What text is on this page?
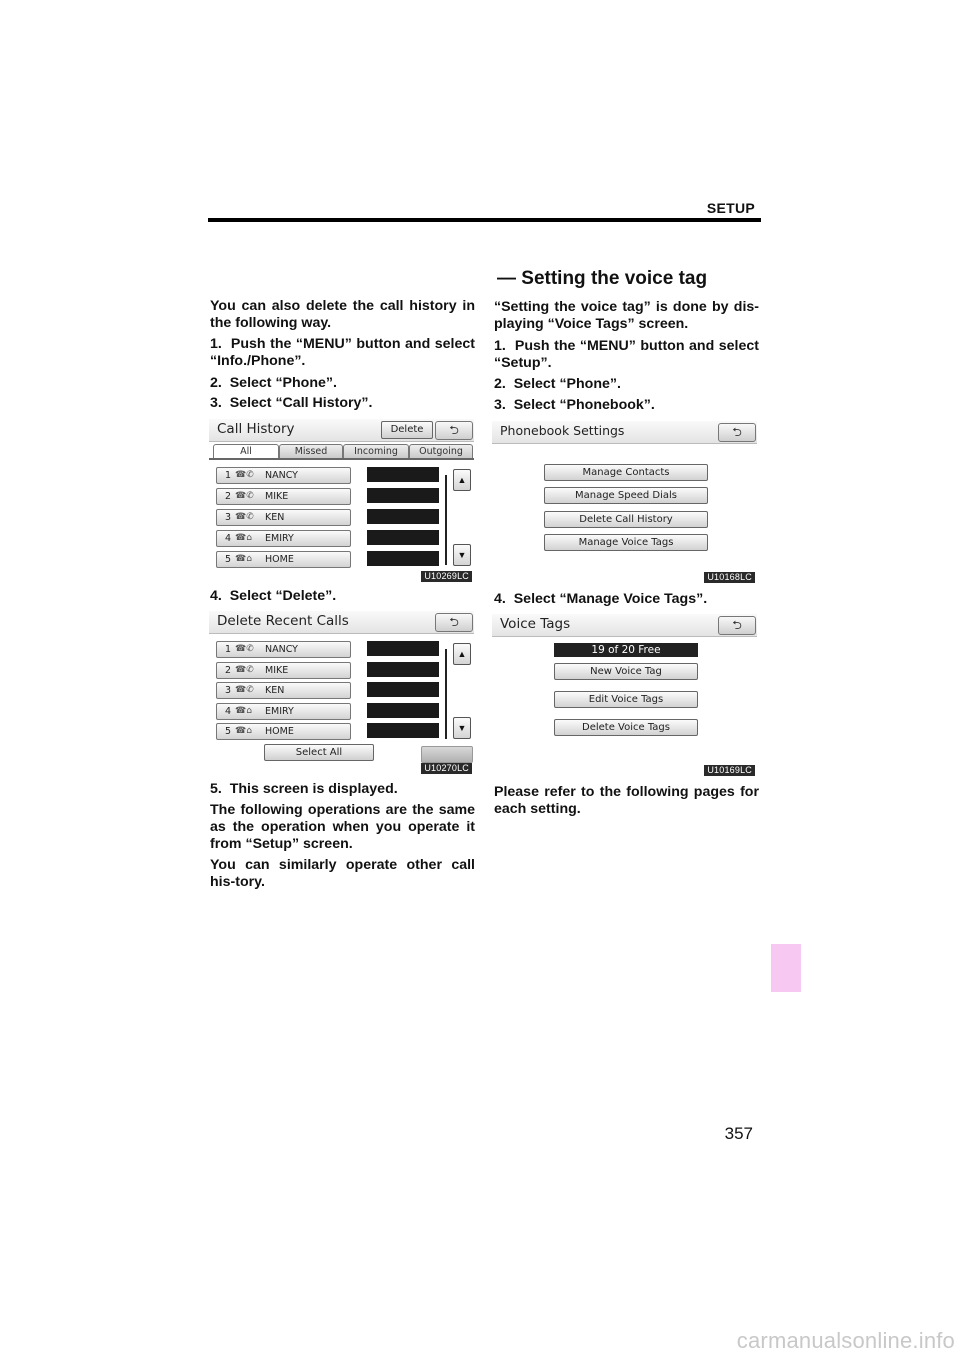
SETUP
— Setting the voice tag
You can also delete the call history in the following way.
1.  Push the “MENU” button and select “Info./Phone”.
2.  Select “Phone”.
3.  Select “Call History”.
Call History	Delete	⮌
All	Missed	Incoming	Outgoing
1 ☎✆ NANCY
2 ☎✆ MIKE
3 ☎✆ KEN
4 ☎⌂ EMIRY
5 ☎⌂ HOME
▲
▼
U10269LC
4.  Select “Delete”.
Delete Recent Calls	⮌
1 ☎✆ NANCY
2 ☎✆ MIKE
3 ☎✆ KEN
4 ☎⌂ EMIRY
5 ☎⌂ HOME
▲
▼
Select All
U10270LC
5.  This screen is displayed.
The following operations are the same as the operation when you operate it from “Setup” screen.
You can similarly operate other call his-tory.
“Setting the voice tag” is done by dis-playing “Voice Tags” screen.
1.  Push the “MENU” button and select “Setup”.
2.  Select “Phone”.
3.  Select “Phonebook”.
Phonebook Settings	⮌
Manage Contacts
Manage Speed Dials
Delete Call History
Manage Voice Tags
U10168LC
4.  Select “Manage Voice Tags”.
Voice Tags	⮌
19 of 20 Free
New Voice Tag
Edit Voice Tags
Delete Voice Tags
U10169LC
Please refer to the following pages for each setting.
357
carmanualsonline.info
